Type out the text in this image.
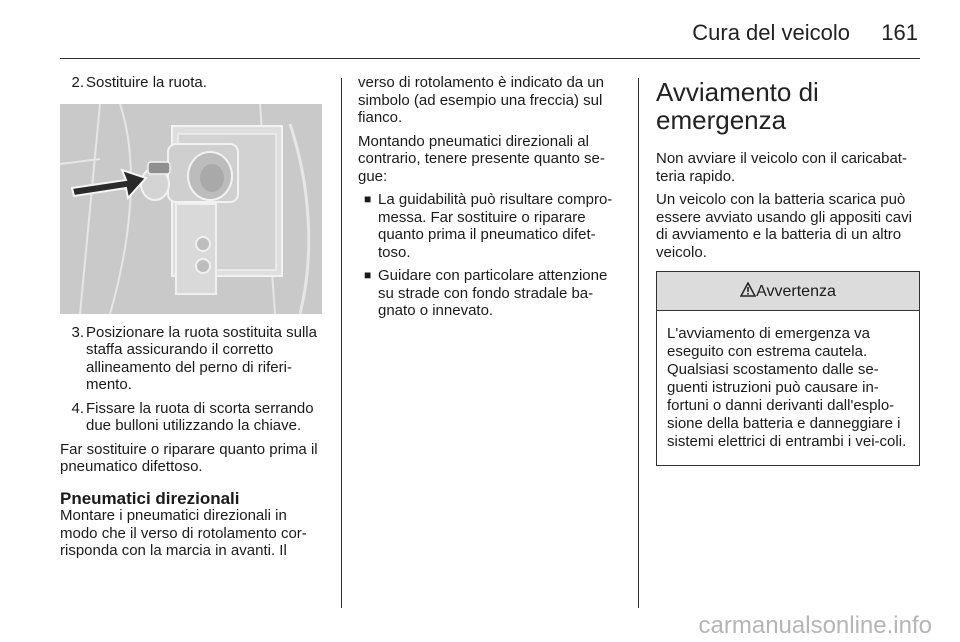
Cura del veicolo 161
2. Sostituire la ruota.
3. Posizionare la ruota sostituita sulla staffa assicurando il corretto allineamento del perno di riferi-mento.
4. Fissare la ruota di scorta serrando due bulloni utilizzando la chiave.

Far sostituire o riparare quanto prima il pneumatico difettoso.

Pneumatici direzionali

Montare i pneumatici direzionali in modo che il verso di rotolamento cor-risponda con la marcia in avanti. Il

verso di rotolamento è indicato da un simbolo (ad esempio una freccia) sul fianco.

Montando pneumatici direzionali al contrario, tenere presente quanto se-gue:

■ La guidabilità può risultare compro-messa. Far sostituire o riparare quanto prima il pneumatico difet-toso.
■ Guidare con particolare attenzione su strade con fondo stradale ba-gnato o innevato.
Avviamento di emergenza

Non avviare il veicolo con il caricabat-teria rapido.

Un veicolo con la batteria scarica può essere avviato usando gli appositi cavi di avviamento e la batteria di un altro veicolo.

Avvertenza
L'avviamento di emergenza va eseguito con estrema cautela. Qualsiasi scostamento dalle se-guenti istruzioni può causare in-fortuni o danni derivanti dall'esplo-sione della batteria e danneggiare i sistemi elettrici di entrambi i vei-coli.
carmanualsonline.info
